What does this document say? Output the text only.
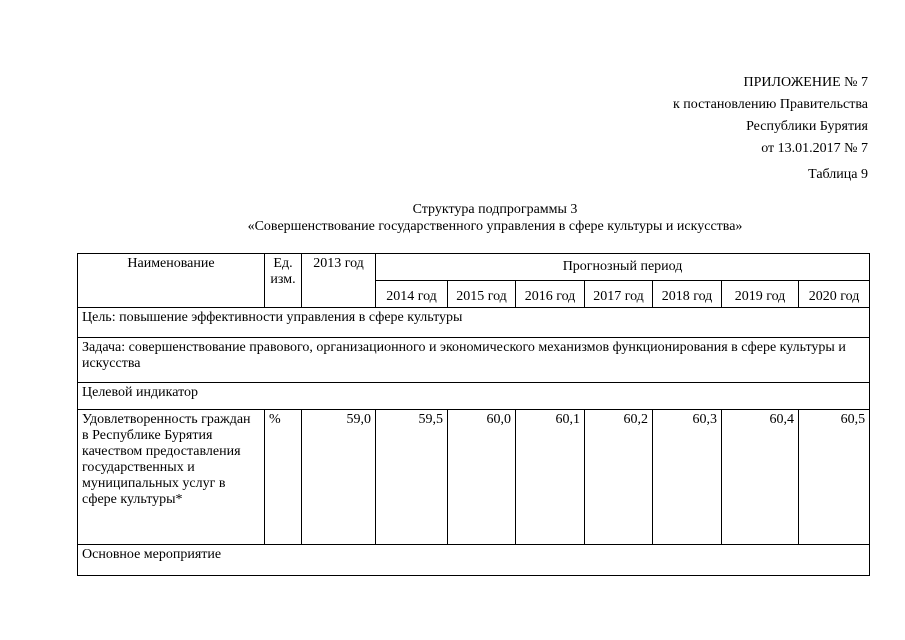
ПРИЛОЖЕНИЕ № 7
к постановлению Правительства
Республики Бурятия
от 13.01.2017 № 7
Таблица 9
Структура подпрограммы 3
«Совершенствование государственного управления в сфере культуры и искусства»
Наименование	Ед. изм.	2013 год	Прогнозный период						
			2014 год	2015 год	2016 год	2017 год	2018 год	2019 год	2020 год
Цель: повышение эффективности управления в сфере культуры									
Задача: совершенствование правового, организационного и экономического механизмов функционирования в сфере культуры и искусства									
Целевой индикатор									
Удовлетворенность граждан в Республике Бурятия качеством предоставления государственных и муниципальных услуг в сфере культуры*	%	59,0	59,5	60,0	60,1	60,2	60,3	60,4	60,5
Основное мероприятие									
